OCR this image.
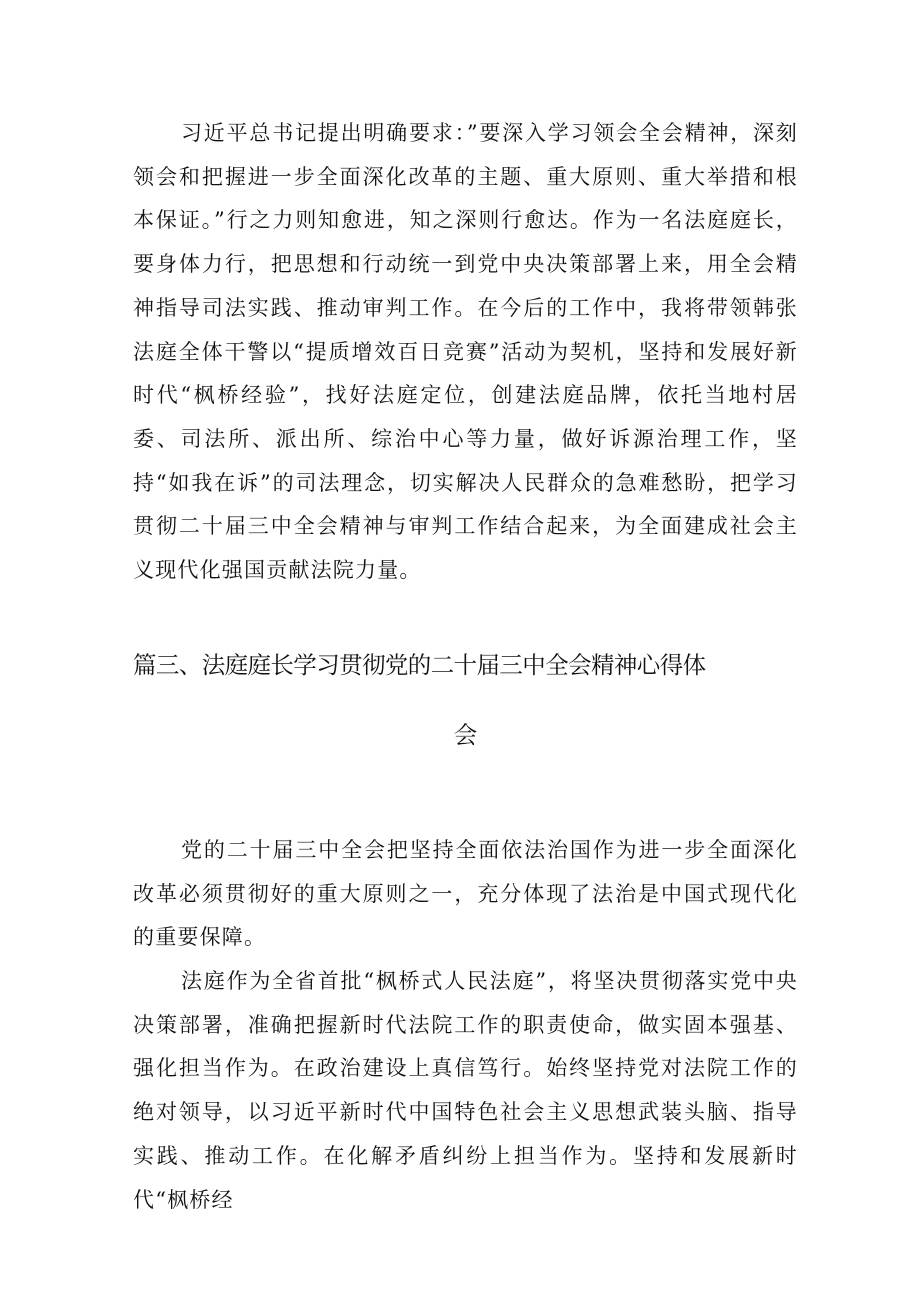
习近平总书记提出明确要求：”要深入学习领会全会精神，深刻领会和把握进一步全面深化改革的主题、重大原则、重大举措和根本保证。”行之力则知愈进，知之深则行愈达。作为一名法庭庭长，要身体力行，把思想和行动统一到党中央决策部署上来，用全会精神指导司法实践、推动审判工作。在今后的工作中，我将带领韩张法庭全体干警以“提质增效百日竞赛”活动为契机，坚持和发展好新时代“枫桥经验”，找好法庭定位，创建法庭品牌，依托当地村居委、司法所、派出所、综治中心等力量，做好诉源治理工作，坚持“如我在诉”的司法理念，切实解决人民群众的急难愁盼，把学习贯彻二十届三中全会精神与审判工作结合起来，为全面建成社会主义现代化强国贡献法院力量。

篇三、法庭庭长学习贯彻党的二十届三中全会精神心得体
会

党的二十届三中全会把坚持全面依法治国作为进一步全面深化改革必须贯彻好的重大原则之一，充分体现了法治是中国式现代化的重要保障。

法庭作为全省首批“枫桥式人民法庭”，将坚决贯彻落实党中央决策部署，准确把握新时代法院工作的职责使命，做实固本强基、强化担当作为。在政治建设上真信笃行。始终坚持党对法院工作的绝对领导，以习近平新时代中国特色社会主义思想武装头脑、指导实践、推动工作。在化解矛盾纠纷上担当作为。坚持和发展新时代“枫桥经
